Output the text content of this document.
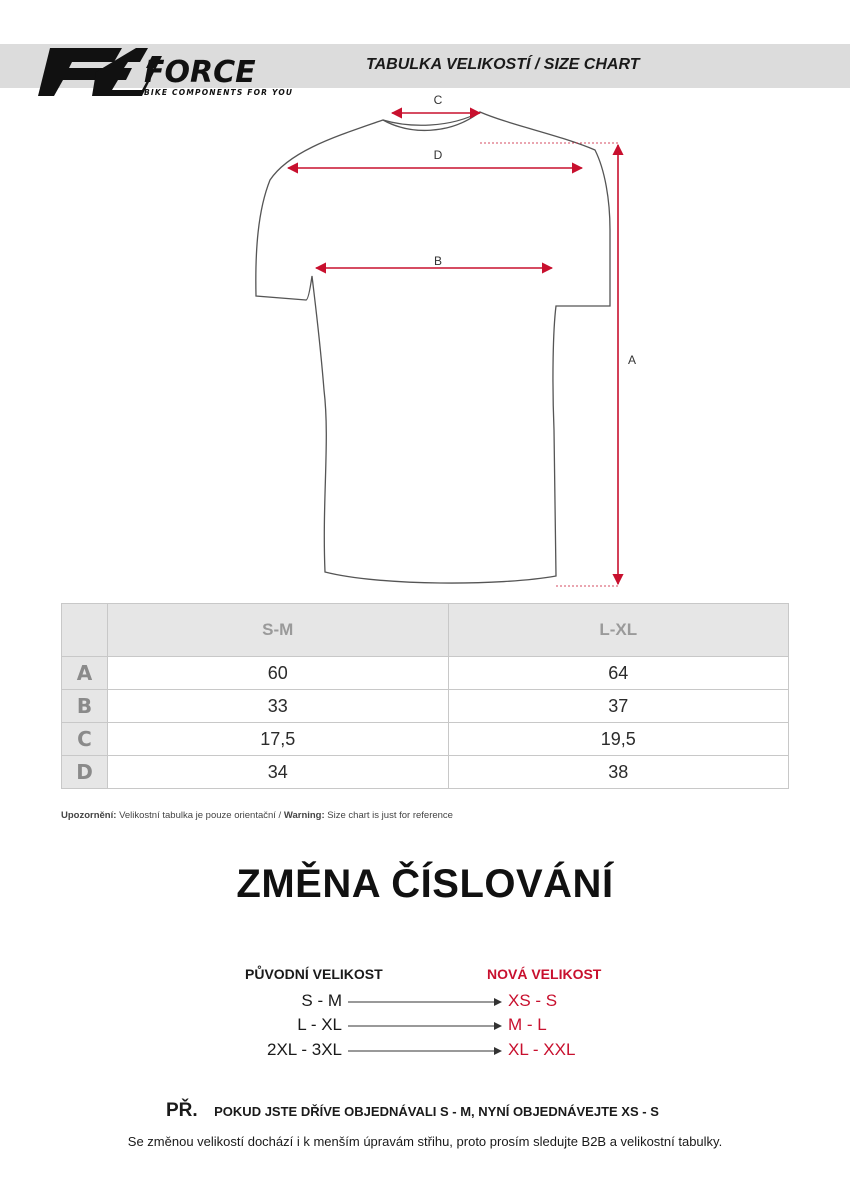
FORCE
BIKE COMPONENTS FOR YOU
TABULKA VELIKOSTÍ / SIZE CHART
C
D
B
A
	S-M	L-XL
A	60	64
B	33	37
C	17,5	19,5
D	34	38
Upozornění: Velikostní tabulka je pouze orientační / Warning: Size chart is just for reference
ZMĚNA ČÍSLOVÁNÍ
PŮVODNÍ VELIKOST	NOVÁ VELIKOST
S - M	XS - S
L - XL	M - L
2XL - 3XL	XL - XXL
PŘ. POKUD JSTE DŘÍVE OBJEDNÁVALI S - M, NYNÍ OBJEDNÁVEJTE XS - S
Se změnou velikostí dochází i k menším úpravám střihu, proto prosím sledujte B2B a velikostní tabulky.
